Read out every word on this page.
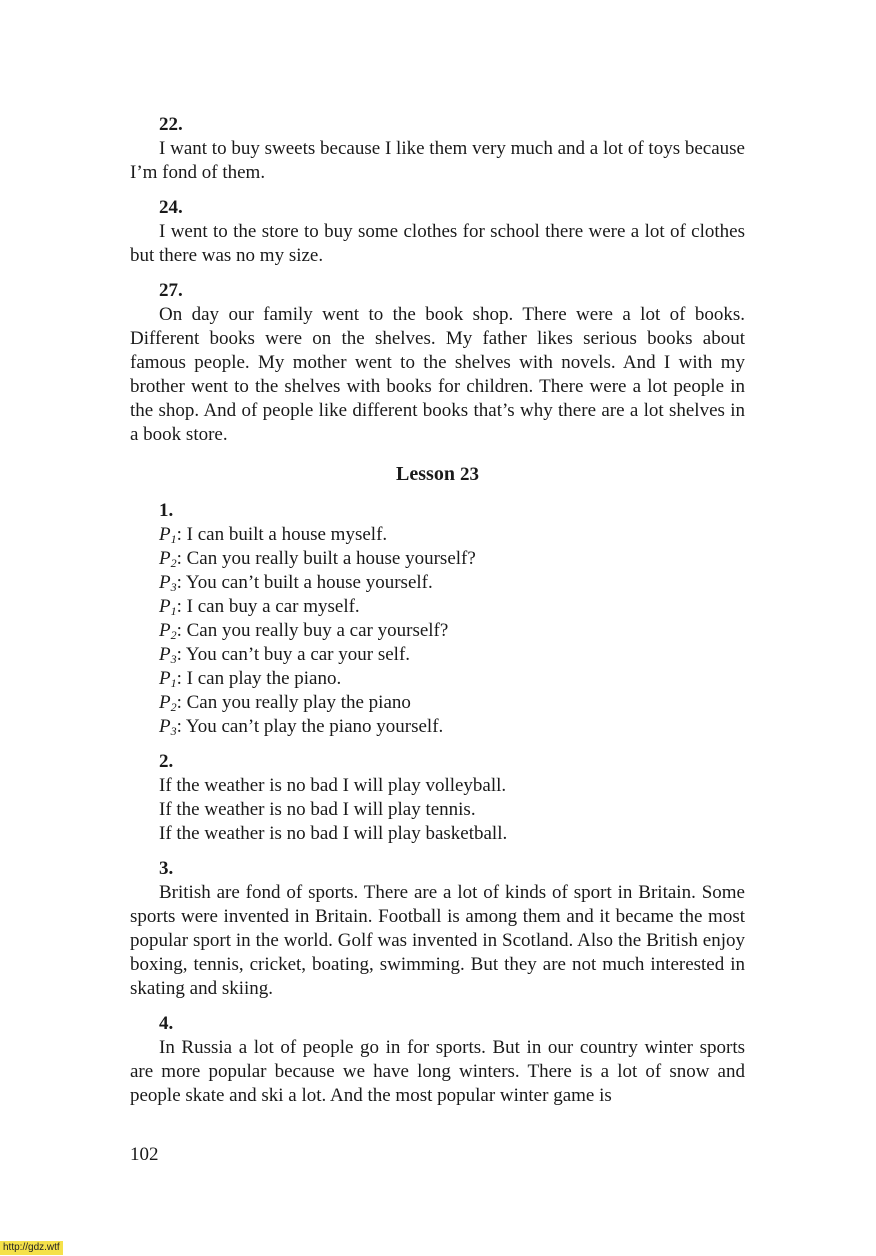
22.

I want to buy sweets because I like them very much and a lot of toys because I’m fond of them.

24.

I went to the store to buy some clothes for school there were a lot of clothes but there was no my size.

27.

On day our family went to the book shop. There were a lot of books. Different books were on the shelves. My father likes serious books about famous people. My mother went to the shelves with novels. And I with my brother went to the shelves with books for children. There were a lot people in the shop. And of people like different books that’s why there are a lot shelves in a book store.

Lesson 23
1.
$P_1$: I can built a house myself.
$P_2$: Can you really built a house yourself?
$P_3$: You can’t built a house yourself.
$P_1$: I can buy a car myself.
$P_2$: Can you really buy a car yourself?
$P_3$: You can’t buy a car your self.
$P_1$: I can play the piano.
$P_2$: Can you really play the piano
$P_3$: You can’t play the piano yourself.
2.
If the weather is no bad I will play volleyball.
If the weather is no bad I will play tennis.
If the weather is no bad I will play basketball.
3.

British are fond of sports. There are a lot of kinds of sport in Britain. Some sports were invented in Britain. Football is among them and it became the most popular sport in the world. Golf was invented in Scotland. Also the British enjoy boxing, tennis, cricket, boating, swimming. But they are not much interested in skating and skiing.

4.

In Russia a lot of people go in for sports. But in our country winter sports are more popular because we have long winters. There is a lot of snow and people skate and ski a lot. And the most popular winter game is

102
http://gdz.wtf
